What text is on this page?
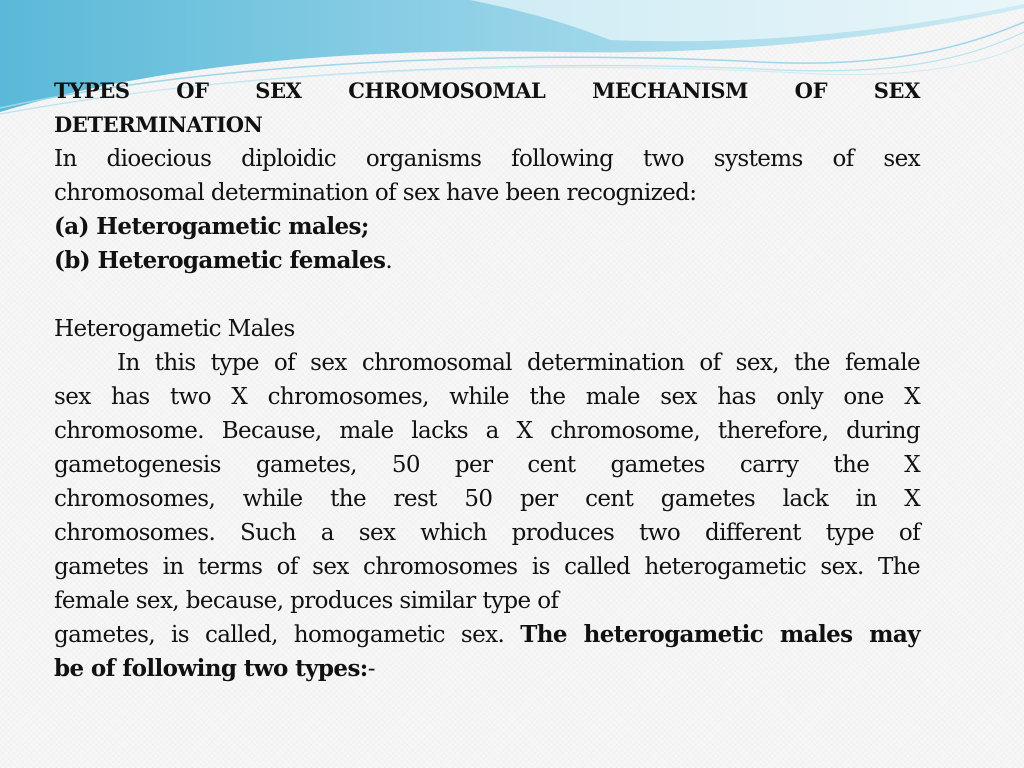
TYPES OF SEX CHROMOSOMAL MECHANISM OF SEX

DETERMINATION

In dioecious diploidic organisms following two systems of sex

chromosomal determination of sex have been recognized:

(a) Heterogametic males;

(b) Heterogametic females.

Heterogametic Males

In this type of sex chromosomal determination of sex, the female

sex has two X chromosomes, while the male sex has only one X

chromosome. Because, male lacks a X chromosome, therefore, during

gametogenesis gametes, 50 per cent gametes carry the X

chromosomes, while the rest 50 per cent gametes lack in X

chromosomes. Such a sex which produces two different type of

gametes in terms of sex chromosomes is called heterogametic sex. The

female sex, because, produces similar type of

gametes, is called, homogametic sex. The heterogametic males may

be of following two types:-
